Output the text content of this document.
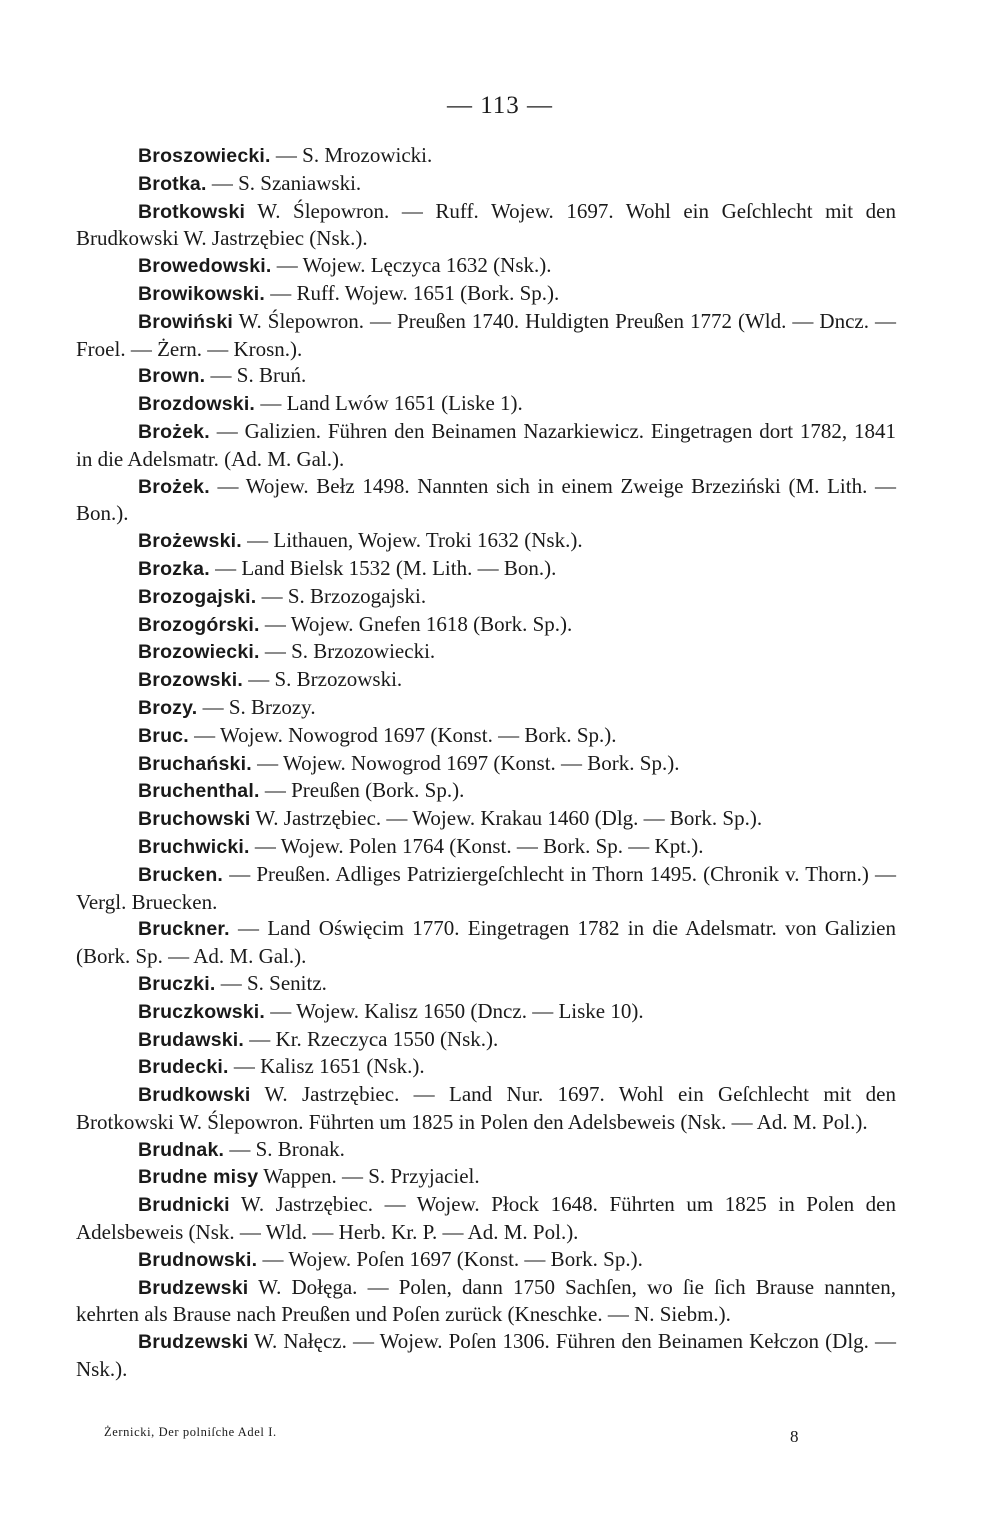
— 113 —
Broszowiecki. — S. Mrozowicki.
Brotka. — S. Szaniawski.
Brotkowski W. Ślepowron. — Ruff. Wojew. 1697. Wohl ein Geſchlecht mit den Brudkowski W. Jastrzębiec (Nsk.).
Browedowski. — Wojew. Lęczyca 1632 (Nsk.).
Browikowski. — Ruff. Wojew. 1651 (Bork. Sp.).
Browiński W. Ślepowron. — Preußen 1740. Huldigten Preußen 1772 (Wld. — Dncz. — Froel. — Żern. — Krosn.).
Brown. — S. Bruń.
Brozdowski. — Land Lwów 1651 (Liske 1).
Brożek. — Galizien. Führen den Beinamen Nazarkiewicz. Eingetragen dort 1782, 1841 in die Adelsmatr. (Ad. M. Gal.).
Brożek. — Wojew. Bełz 1498. Nannten sich in einem Zweige Brzeziński (M. Lith. — Bon.).
Brożewski. — Lithauen, Wojew. Troki 1632 (Nsk.).
Brozka. — Land Bielsk 1532 (M. Lith. — Bon.).
Brozogajski. — S. Brzozogajski.
Brozogórski. — Wojew. Gnefen 1618 (Bork. Sp.).
Brozowiecki. — S. Brzozowiecki.
Brozowski. — S. Brzozowski.
Brozy. — S. Brzozy.
Bruc. — Wojew. Nowogrod 1697 (Konst. — Bork. Sp.).
Bruchański. — Wojew. Nowogrod 1697 (Konst. — Bork. Sp.).
Bruchenthal. — Preußen (Bork. Sp.).
Bruchowski W. Jastrzębiec. — Wojew. Krakau 1460 (Dlg. — Bork. Sp.).
Bruchwicki. — Wojew. Polen 1764 (Konst. — Bork. Sp. — Kpt.).
Brucken. — Preußen. Adliges Patriziergeſchlecht in Thorn 1495. (Chronik v. Thorn.) — Vergl. Bruecken.
Bruckner. — Land Oświęcim 1770. Eingetragen 1782 in die Adelsmatr. von Galizien (Bork. Sp. — Ad. M. Gal.).
Bruczki. — S. Senitz.
Bruczkowski. — Wojew. Kalisz 1650 (Dncz. — Liske 10).
Brudawski. — Kr. Rzeczyca 1550 (Nsk.).
Brudecki. — Kalisz 1651 (Nsk.).
Brudkowski W. Jastrzębiec. — Land Nur. 1697. Wohl ein Geſchlecht mit den Brotkowski W. Ślepowron. Führten um 1825 in Polen den Adelsbeweis (Nsk. — Ad. M. Pol.).
Brudnak. — S. Bronak.
Brudne misy Wappen. — S. Przyjaciel.
Brudnicki W. Jastrzębiec. — Wojew. Płock 1648. Führten um 1825 in Polen den Adelsbeweis (Nsk. — Wld. — Herb. Kr. P. — Ad. M. Pol.).
Brudnowski. — Wojew. Poſen 1697 (Konst. — Bork. Sp.).
Brudzewski W. Dołęga. — Polen, dann 1750 Sachſen, wo ſie ſich Brause nannten, kehrten als Brause nach Preußen und Poſen zurück (Kneschke. — N. Siebm.).
Brudzewski W. Nałęcz. — Wojew. Poſen 1306. Führen den Beinamen Kełczon (Dlg. — Nsk.).
Żernicki, Der polniſche Adel I.	8
